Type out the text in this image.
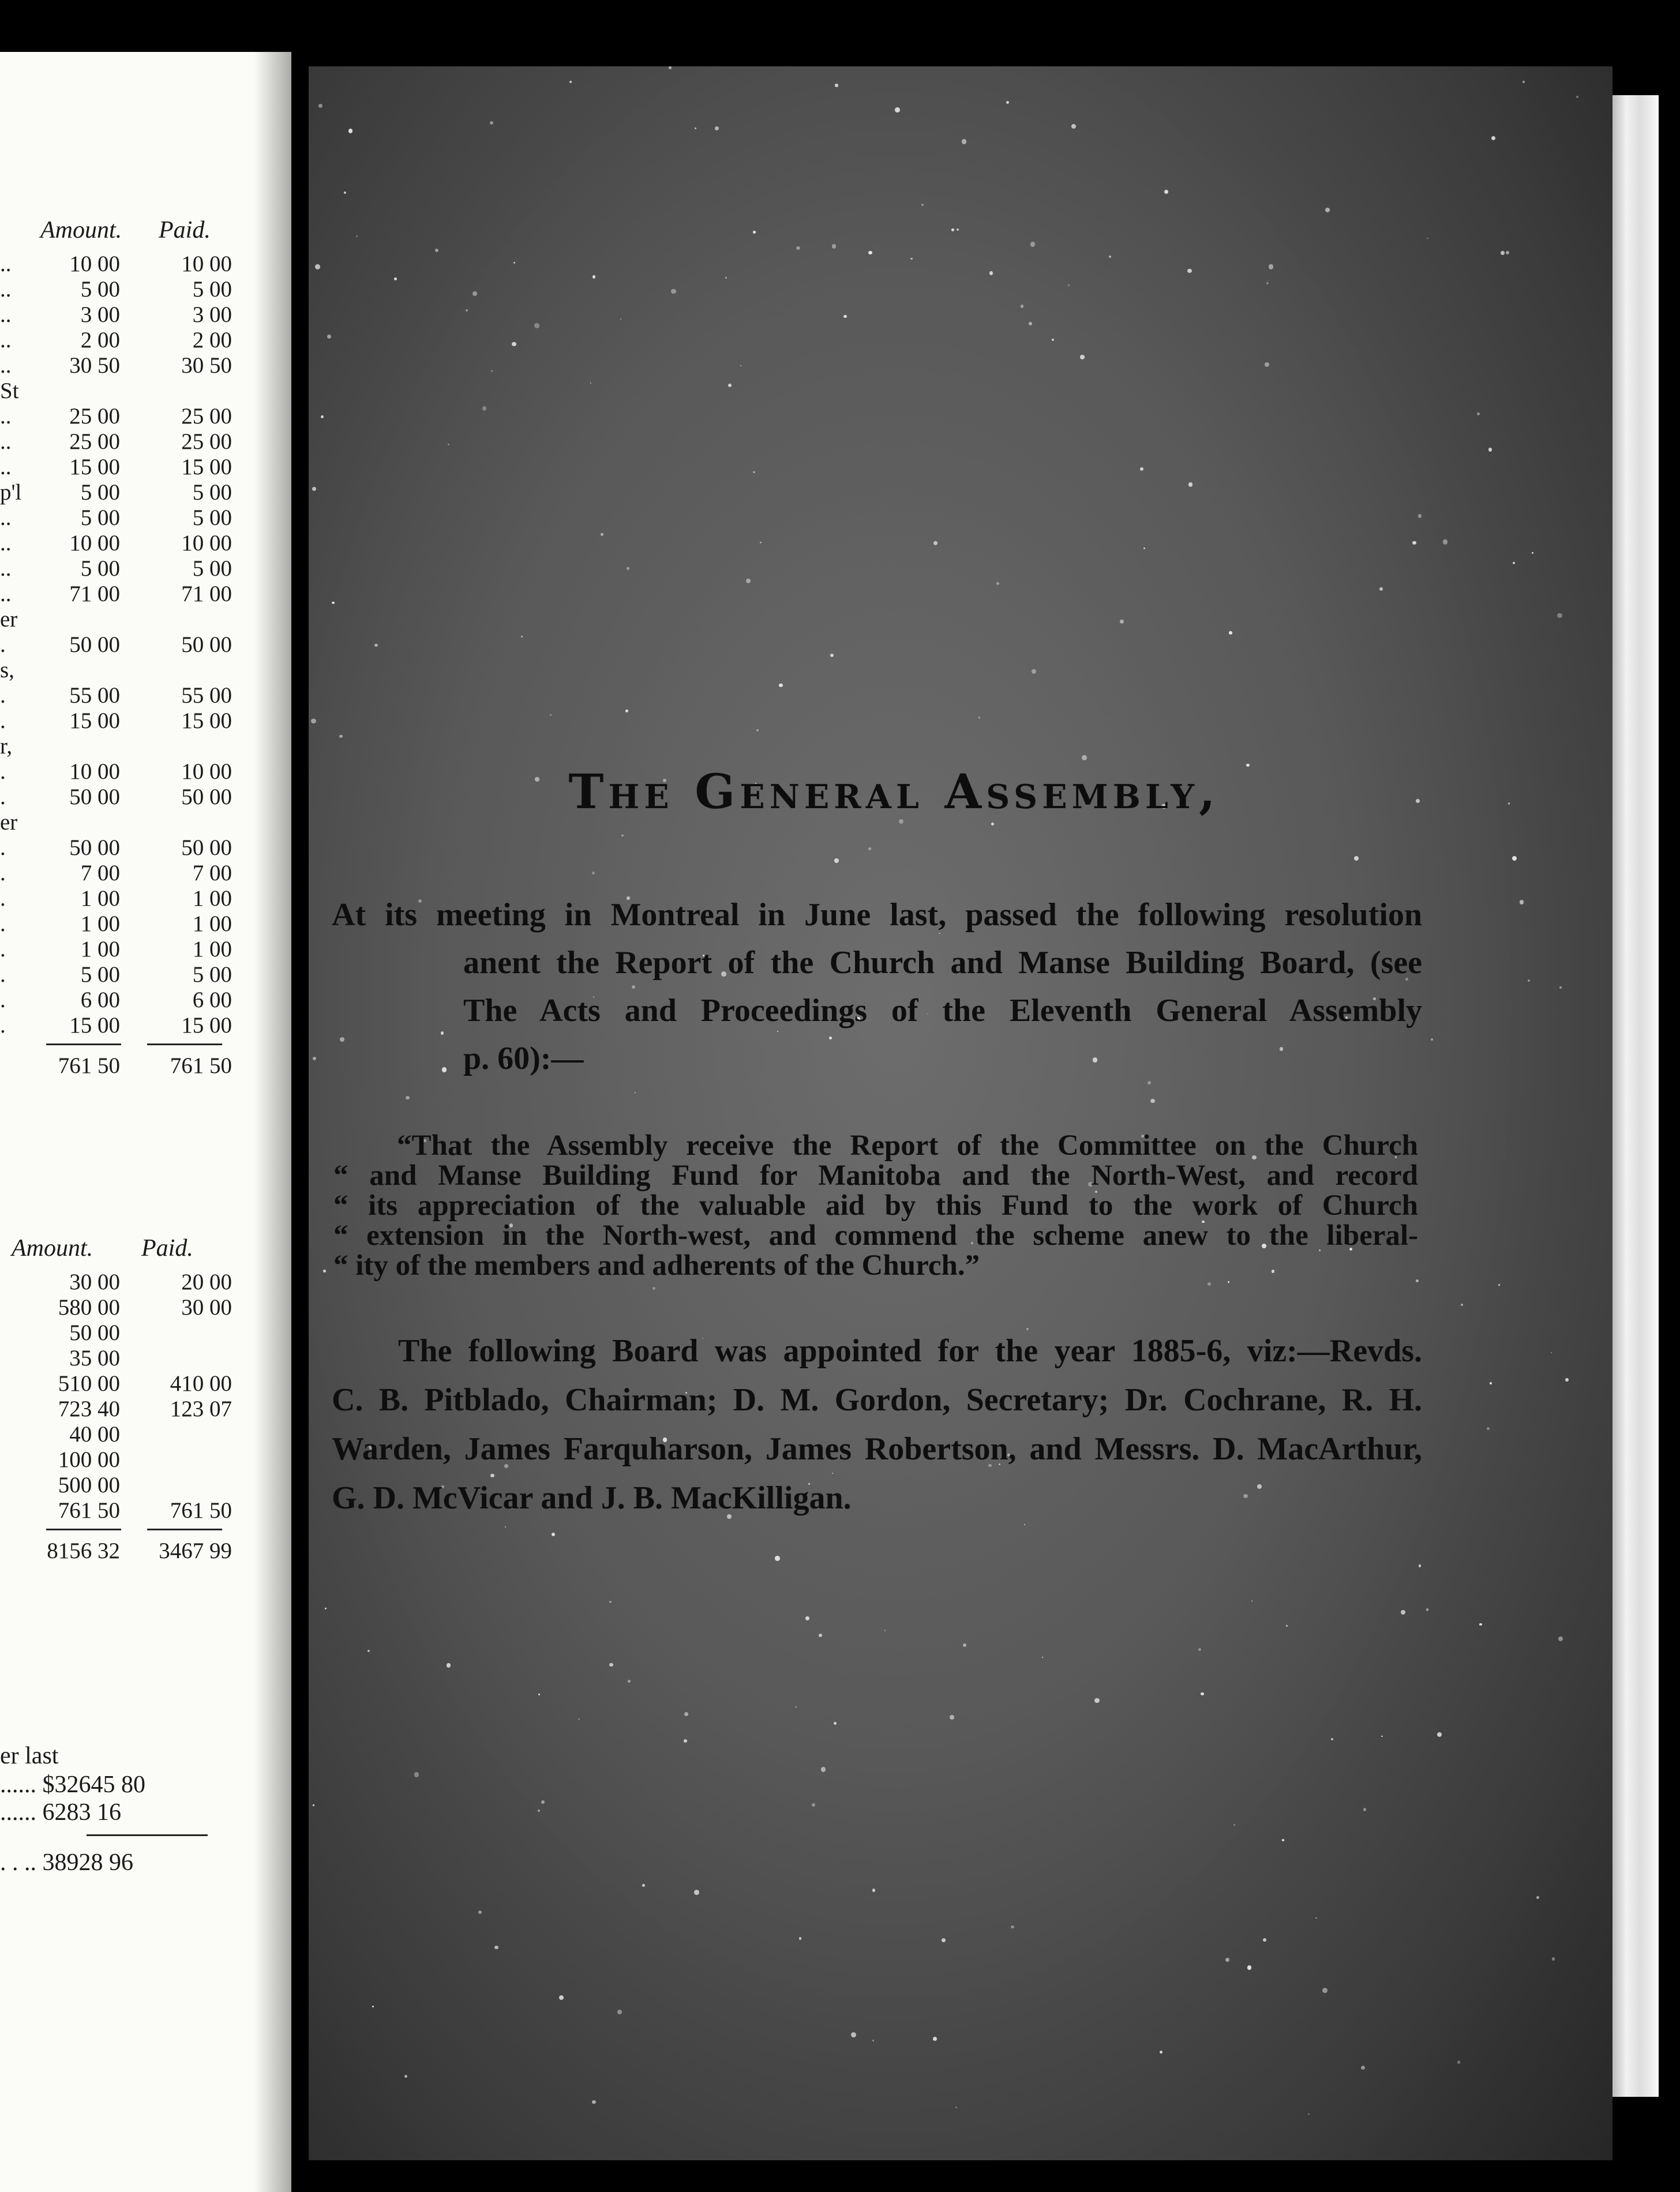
Amount. Paid.
..	10 00	10 00
..	5 00	5 00
..	3 00	3 00
..	2 00	2 00
..	30 50	30 50
St
..	25 00	25 00
..	25 00	25 00
..	15 00	15 00
p'l	5 00	5 00
..	5 00	5 00
..	10 00	10 00
..	5 00	5 00
..	71 00	71 00
er
.	50 00	50 00
s,
.	55 00	55 00
.	15 00	15 00
r,
.	10 00	10 00
.	50 00	50 00
er
.	50 00	50 00
.	7 00	7 00
.	1 00	1 00
.	1 00	1 00
.	1 00	1 00
.	5 00	5 00
.	6 00	6 00
.	15 00	15 00
761 50 761 50
Amount. Paid.
30 00	20 00
580 00	30 00
50 00
35 00
510 00 410 00
723 40 123 07
40 00
100 00
500 00
761 50 761 50
8156 32 3467 99
er last
...... $32645 80
...... 6283 16
. . .. 38928 96
The General Assembly,
At its meeting in Montreal in June last, passed the following resolution
anent the Report of the Church and Manse Building Board, (see
The Acts and Proceedings of the Eleventh General Assembly
p. 60):—
“That the Assembly receive the Report of the Committee on the Church
“ and Manse Building Fund for Manitoba and the North-West, and record
“ its appreciation of the valuable aid by this Fund to the work of Church
“ extension in the North-west, and commend the scheme anew to the liberal-
“ ity of the members and adherents of the Church.”
The following Board was appointed for the year 1885-6, viz:—Revds.
C. B. Pitblado, Chairman; D. M. Gordon, Secretary; Dr. Cochrane, R. H.
Warden, James Farquharson, James Robertson, and Messrs. D. MacArthur,
G. D. McVicar and J. B. MacKilligan.
